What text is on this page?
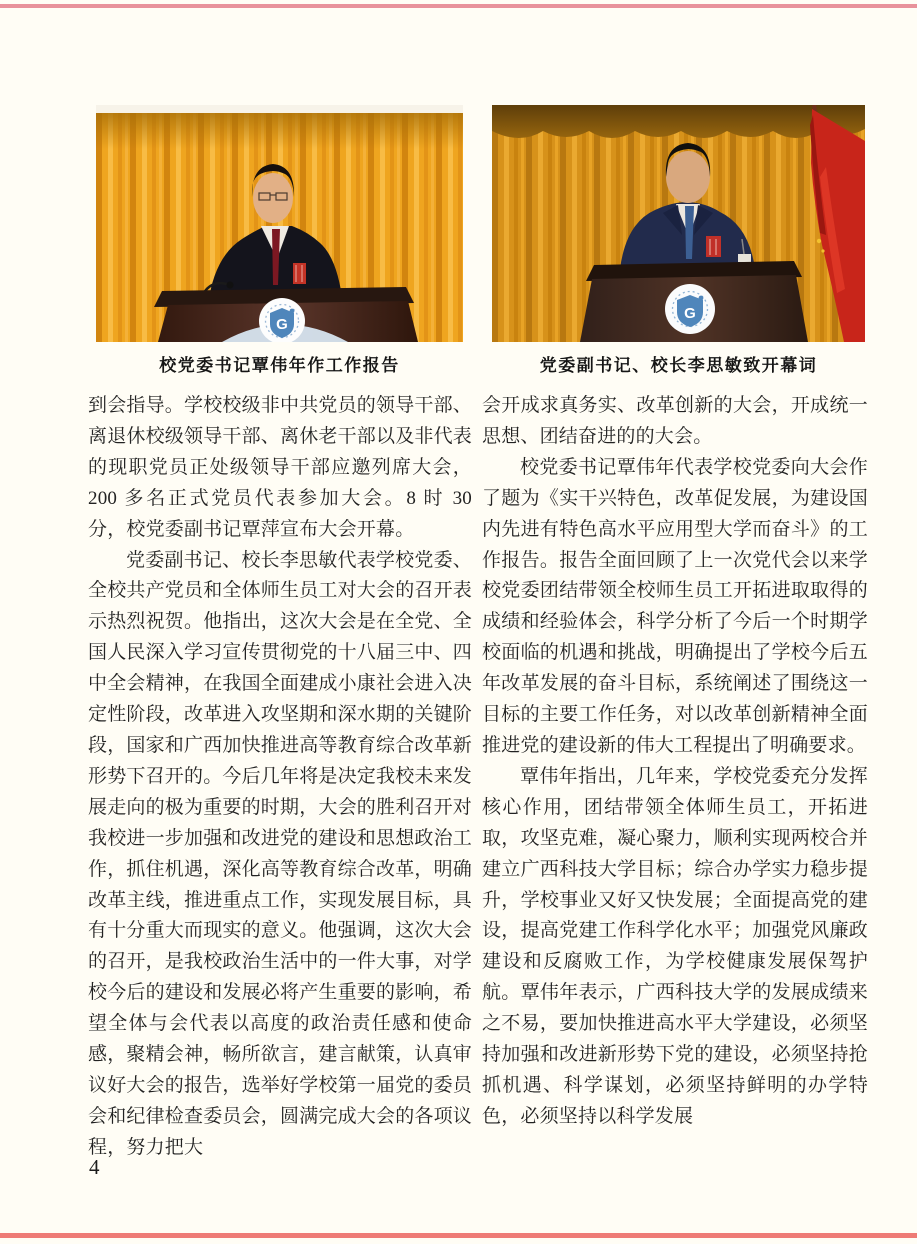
G
G
校党委书记覃伟年作工作报告	党委副书记、校长李思敏致开幕词

到会指导。学校校级非中共党员的领导干部、离退休校级领导干部、离休老干部以及非代表的现职党员正处级领导干部应邀列席大会，200 多名正式党员代表参加大会。8 时 30 分，校党委副书记覃萍宣布大会开幕。

党委副书记、校长李思敏代表学校党委、全校共产党员和全体师生员工对大会的召开表示热烈祝贺。他指出，这次大会是在全党、全国人民深入学习宣传贯彻党的十八届三中、四中全会精神，在我国全面建成小康社会进入决定性阶段，改革进入攻坚期和深水期的关键阶段，国家和广西加快推进高等教育综合改革新形势下召开的。今后几年将是决定我校未来发展走向的极为重要的时期，大会的胜利召开对我校进一步加强和改进党的建设和思想政治工作，抓住机遇，深化高等教育综合改革，明确改革主线，推进重点工作，实现发展目标，具有十分重大而现实的意义。他强调，这次大会的召开，是我校政治生活中的一件大事，对学校今后的建设和发展必将产生重要的影响，希望全体与会代表以高度的政治责任感和使命感，聚精会神，畅所欲言，建言献策，认真审议好大会的报告，选举好学校第一届党的委员会和纪律检查委员会，圆满完成大会的各项议程，努力把大

会开成求真务实、改革创新的大会，开成统一思想、团结奋进的的大会。

校党委书记覃伟年代表学校党委向大会作了题为《实干兴特色，改革促发展，为建设国内先进有特色高水平应用型大学而奋斗》的工作报告。报告全面回顾了上一次党代会以来学校党委团结带领全校师生员工开拓进取取得的成绩和经验体会，科学分析了今后一个时期学校面临的机遇和挑战，明确提出了学校今后五年改革发展的奋斗目标，系统阐述了围绕这一目标的主要工作任务，对以改革创新精神全面推进党的建设新的伟大工程提出了明确要求。

覃伟年指出，几年来，学校党委充分发挥核心作用，团结带领全体师生员工，开拓进取，攻坚克难，凝心聚力，顺利实现两校合并建立广西科技大学目标；综合办学实力稳步提升，学校事业又好又快发展；全面提高党的建设，提高党建工作科学化水平；加强党风廉政建设和反腐败工作，为学校健康发展保驾护航。覃伟年表示，广西科技大学的发展成绩来之不易，要加快推进高水平大学建设，必须坚持加强和改进新形势下党的建设，必须坚持抢抓机遇、科学谋划，必须坚持鲜明的办学特色，必须坚持以科学发展

4
